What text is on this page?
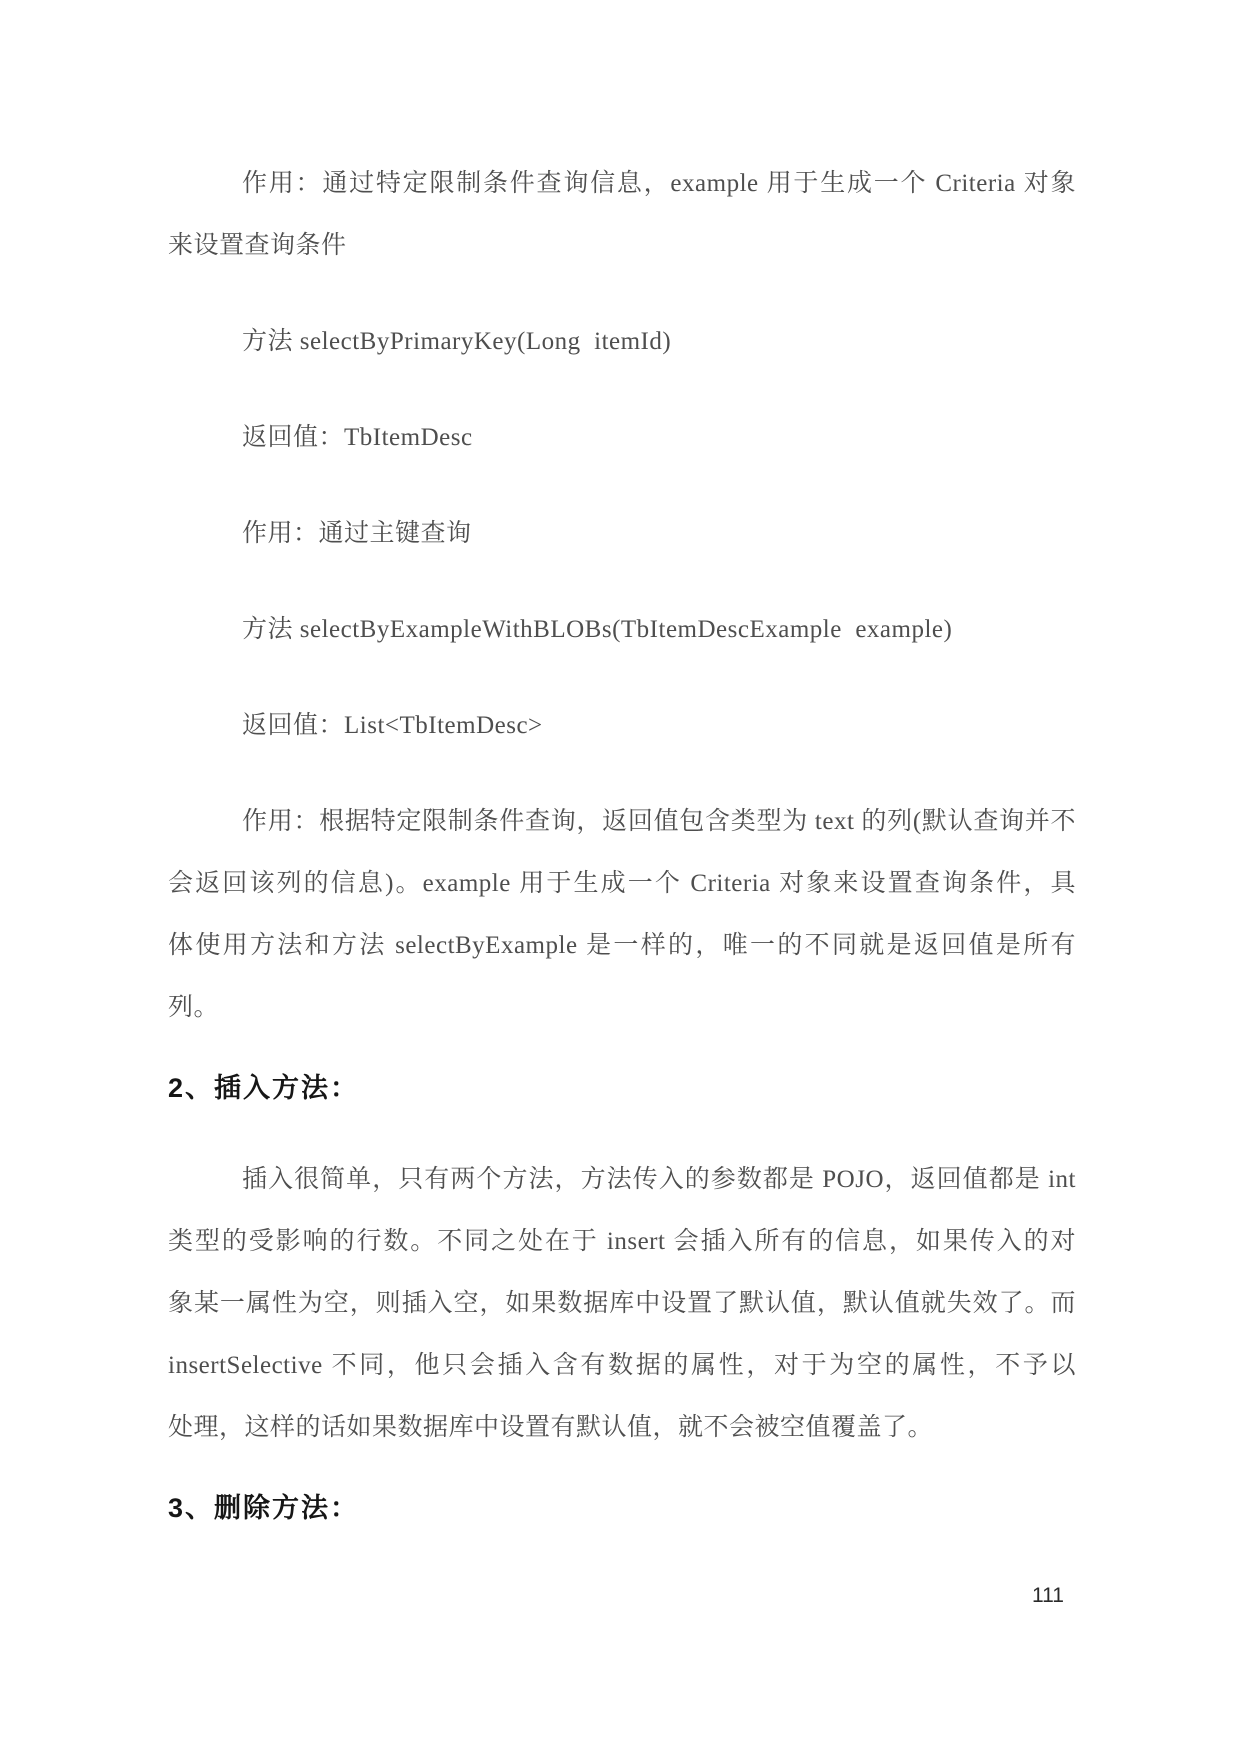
作用：通过特定限制条件查询信息，example 用于生成一个 Criteria 对象
来设置查询条件
方法 selectByPrimaryKey(Long  itemId)
返回值：TbItemDesc
作用：通过主键查询
方法 selectByExampleWithBLOBs(TbItemDescExample  example)
返回值：List<TbItemDesc>
作用：根据特定限制条件查询，返回值包含类型为 text 的列(默认查询并不
会返回该列的信息)。example 用于生成一个 Criteria 对象来设置查询条件，具
体使用方法和方法 selectByExample 是一样的，唯一的不同就是返回值是所有
列。
2、插入方法：
插入很简单，只有两个方法，方法传入的参数都是 POJO，返回值都是 int
类型的受影响的行数。不同之处在于 insert 会插入所有的信息，如果传入的对
象某一属性为空，则插入空，如果数据库中设置了默认值，默认值就失效了。而
insertSelective 不同，他只会插入含有数据的属性，对于为空的属性，不予以
处理，这样的话如果数据库中设置有默认值，就不会被空值覆盖了。
3、删除方法：
111
